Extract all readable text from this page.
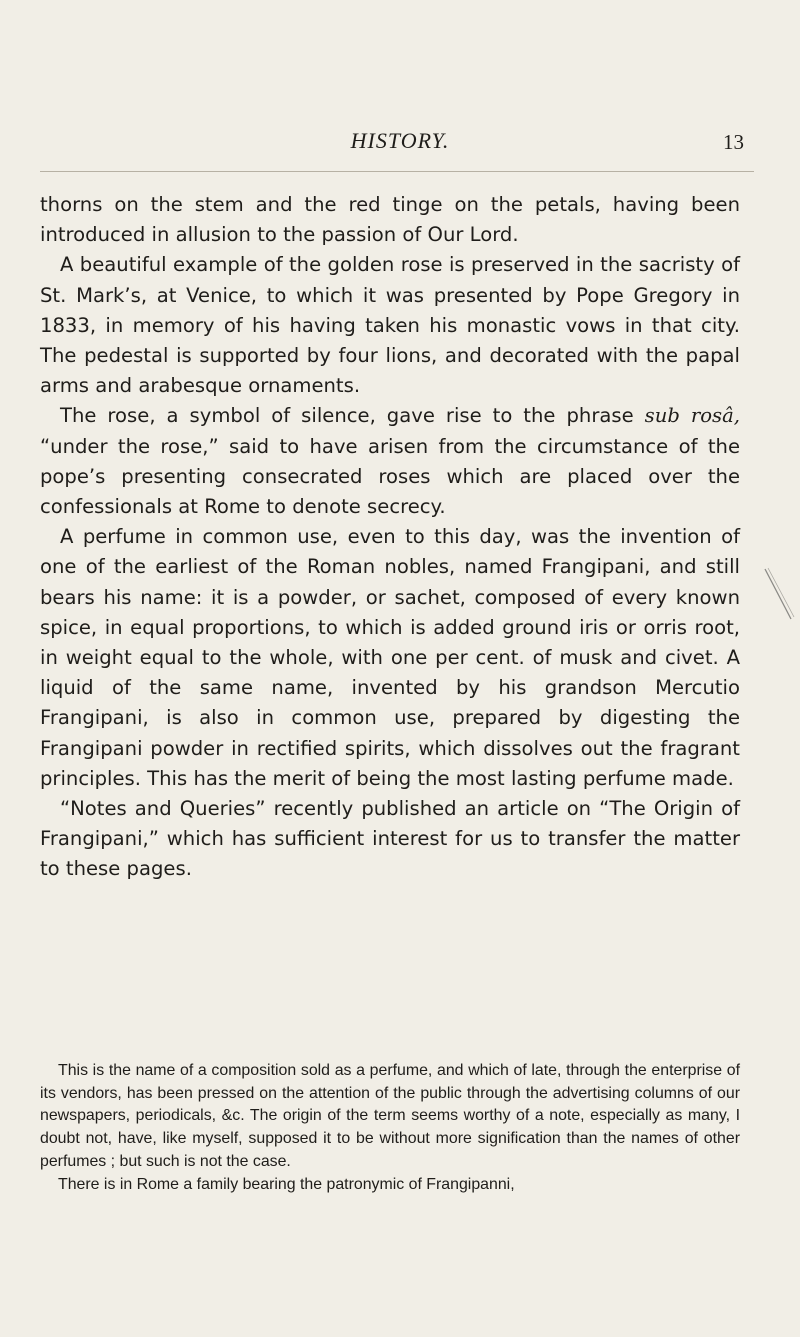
HISTORY.	13

thorns on the stem and the red tinge on the petals, having been introduced in allusion to the passion of Our Lord.

A beautiful example of the golden rose is preserved in the sacristy of St. Mark’s, at Venice, to which it was presented by Pope Gregory in 1833, in memory of his having taken his monastic vows in that city. The pedestal is supported by four lions, and decorated with the papal arms and arabesque ornaments.

The rose, a symbol of silence, gave rise to the phrase sub rosâ, “under the rose,” said to have arisen from the circumstance of the pope’s presenting consecrated roses which are placed over the confessionals at Rome to denote secrecy.

A perfume in common use, even to this day, was the invention of one of the earliest of the Roman nobles, named Frangipani, and still bears his name: it is a powder, or sachet, composed of every known spice, in equal proportions, to which is added ground iris or orris root, in weight equal to the whole, with one per cent. of musk and civet. A liquid of the same name, invented by his grandson Mercutio Frangipani, is also in common use, prepared by digesting the Frangipani powder in rectified spirits, which dissolves out the fragrant principles. This has the merit of being the most lasting perfume made.

“Notes and Queries” recently published an article on “The Origin of Frangipani,” which has sufficient interest for us to transfer the matter to these pages.

This is the name of a composition sold as a perfume, and which of late, through the enterprise of its vendors, has been pressed on the attention of the public through the advertising columns of our newspapers, periodicals, &c. The origin of the term seems worthy of a note, especially as many, I doubt not, have, like myself, supposed it to be without more signification than the names of other perfumes ; but such is not the case.

There is in Rome a family bearing the patronymic of Frangipanni,
